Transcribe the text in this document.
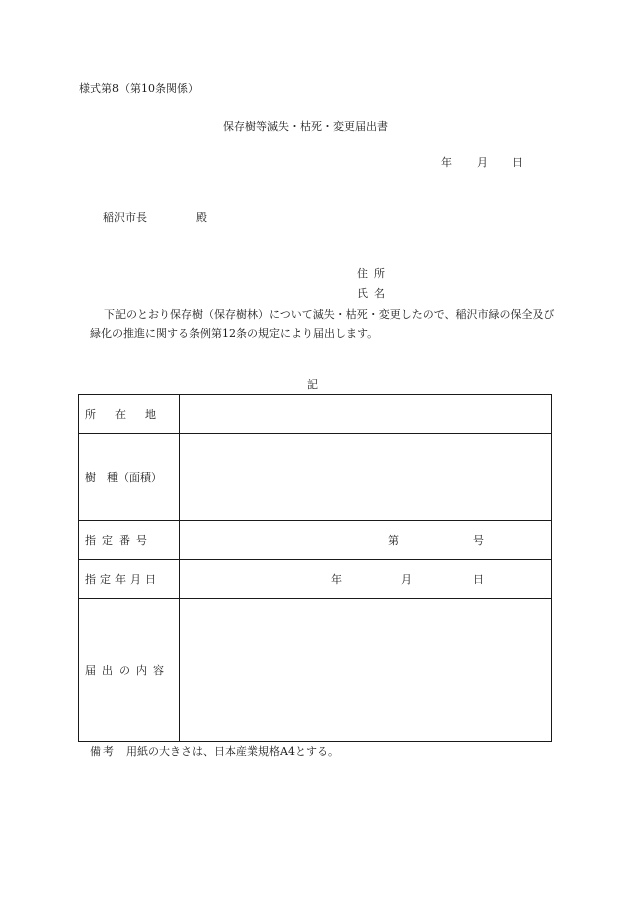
様式第8（第10条関係）
保存樹等滅失・枯死・変更届出書
年 月 日
稲沢市長	殿
住所
氏名

下記のとおり保存樹（保存樹林）について滅失・枯死・変更したので、稲沢市緑の保全及び緑化の推進に関する条例第12条の規定により届出します。

記
所在地	

樹　種（面積）	

指定番号	第 号

指定年月日	年 月 日

届出の内容	

備考 用紙の大きさは、日本産業規格A4とする。
